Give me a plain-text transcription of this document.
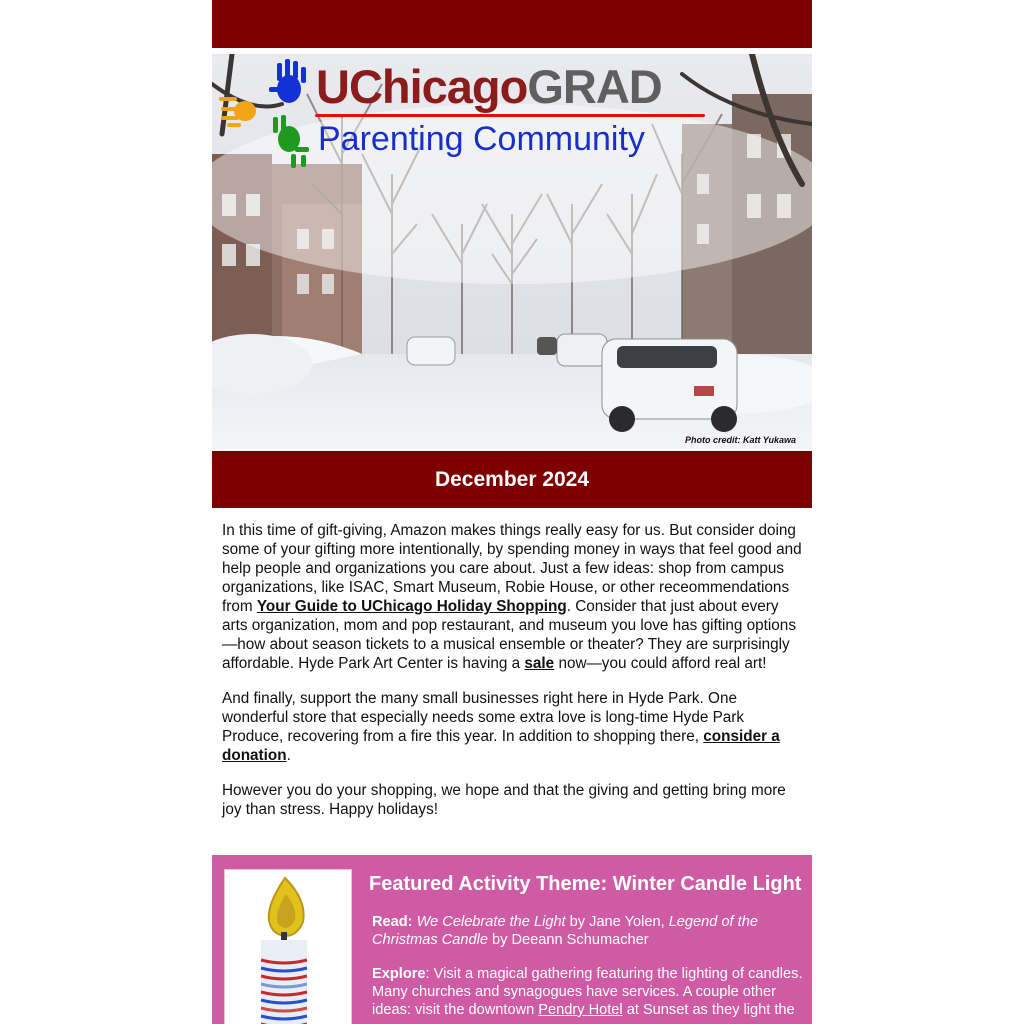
UChicagoGRAD
Parenting Community
Photo credit: Katt Yukawa
December 2024

In this time of gift-giving, Amazon makes things really easy for us. But consider doing some of your gifting more intentionally, by spending money in ways that feel good and help people and organizations you care about. Just a few ideas: shop from campus organizations, like ISAC, Smart Museum, Robie House, or other receommendations from Your Guide to UChicago Holiday Shopping. Consider that just about every arts organization, mom and pop restaurant, and museum you love has gifting options—how about season tickets to a musical ensemble or theater? They are surprisingly affordable. Hyde Park Art Center is having a sale now—you could afford real art!

And finally, support the many small businesses right here in Hyde Park. One wonderful store that especially needs some extra love is long-time Hyde Park Produce, recovering from a fire this year. In addition to shopping there, consider a donation.

However you do your shopping, we hope and that the giving and getting bring more joy than stress. Happy holidays!

Featured Activity Theme: Winter Candle Light

Read: We Celebrate the Light by Jane Yolen, Legend of the Christmas Candle by Deeann Schumacher

Explore: Visit a magical gathering featuring the lighting of candles. Many churches and synagogues have services. A couple other ideas: visit the downtown Pendry Hotel at Sunset as they light the
